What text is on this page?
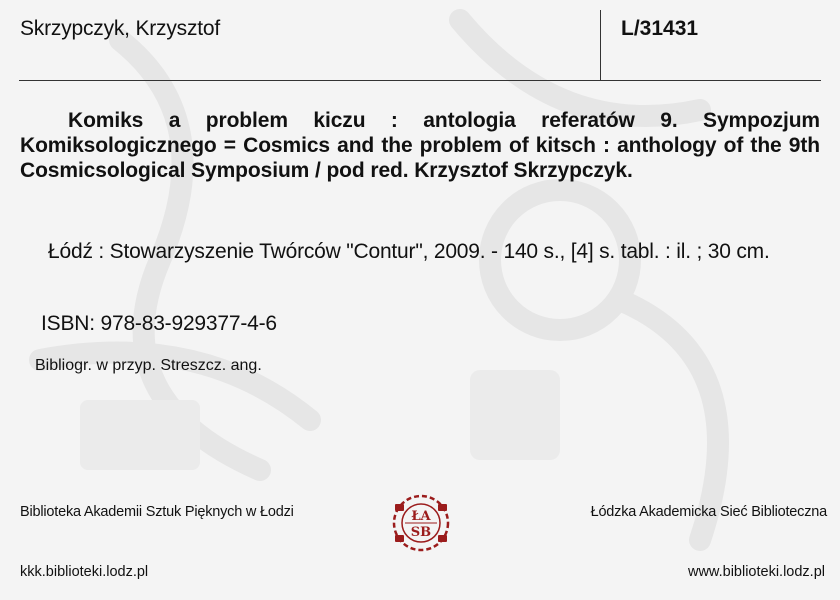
Skrzypczyk, Krzysztof	L/31431
Komiks a problem kiczu : antologia referatów 9. Sympozjum Komiksologicznego = Cosmics and the problem of kitsch : anthology of the 9th Cosmicsological Symposium / pod red. Krzysztof Skrzypczyk.
Łódź : Stowarzyszenie Twórców "Contur", 2009. - 140 s., [4] s. tabl. : il. ; 30 cm.
ISBN: 978-83-929377-4-6
Bibliogr. w przyp. Streszcz. ang.
Biblioteka Akademii Sztuk Pięknych w Łodzi	Łódzka Akademicka Sieć Biblioteczna
ŁA
SB
kkk.biblioteki.lodz.pl	www.biblioteki.lodz.pl
